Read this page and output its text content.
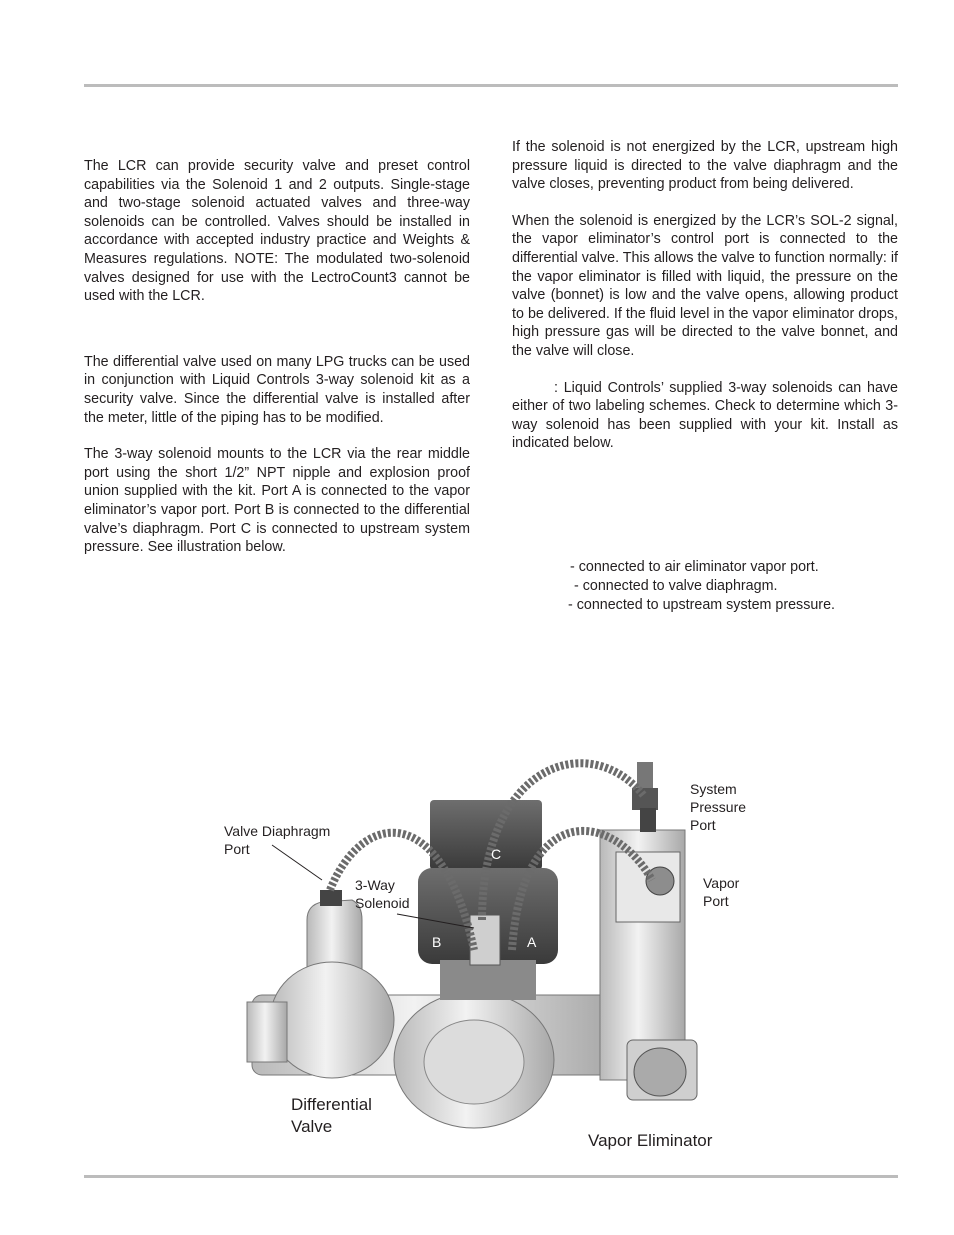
The LCR can provide security valve and preset control capabilities via the Solenoid 1 and 2 outputs. Single-stage and two-stage solenoid actuated valves and three-way solenoids can be controlled. Valves should be installed in accordance with accepted industry practice and Weights & Measures regulations. NOTE: The modulated two-solenoid valves designed for use with the LectroCount3 cannot be used with the LCR.

The differential valve used on many LPG trucks can be used in conjunction with Liquid Controls 3-way solenoid kit as a security valve. Since the differential valve is installed after the meter, little of the piping has to be modified.

The 3-way solenoid mounts to the LCR via the rear middle port using the short 1/2” NPT nipple and explosion proof union supplied with the kit. Port A is connected to the vapor eliminator’s vapor port. Port B is connected to the differential valve’s diaphragm. Port C is connected to upstream system pressure. See illustration below.

If the solenoid is not energized by the LCR, upstream high pressure liquid is directed to the valve diaphragm and the valve closes, preventing product from being delivered.

When the solenoid is energized by the LCR’s SOL-2 signal, the vapor eliminator’s control port is connected to the differential valve. This allows the valve to function normally: if the vapor eliminator is filled with liquid, the pressure on the valve (bonnet) is low and the valve opens, allowing product to be delivered. If the fluid level in the vapor eliminator drops, high pressure gas will be directed to the valve bonnet, and the valve will close.

: Liquid Controls’ supplied 3-way solenoids can have either of two labeling schemes. Check to determine which 3-way solenoid has been supplied with your kit. Install as indicated below.

- connected to air eliminator vapor port.
- connected to valve diaphragm.
- connected to upstream system pressure.
Valve Diaphragm
Port
3-Way
Solenoid
System
Pressure Port
Vapor
Port
C
B	A
Differential
Valve
Vapor Eliminator
